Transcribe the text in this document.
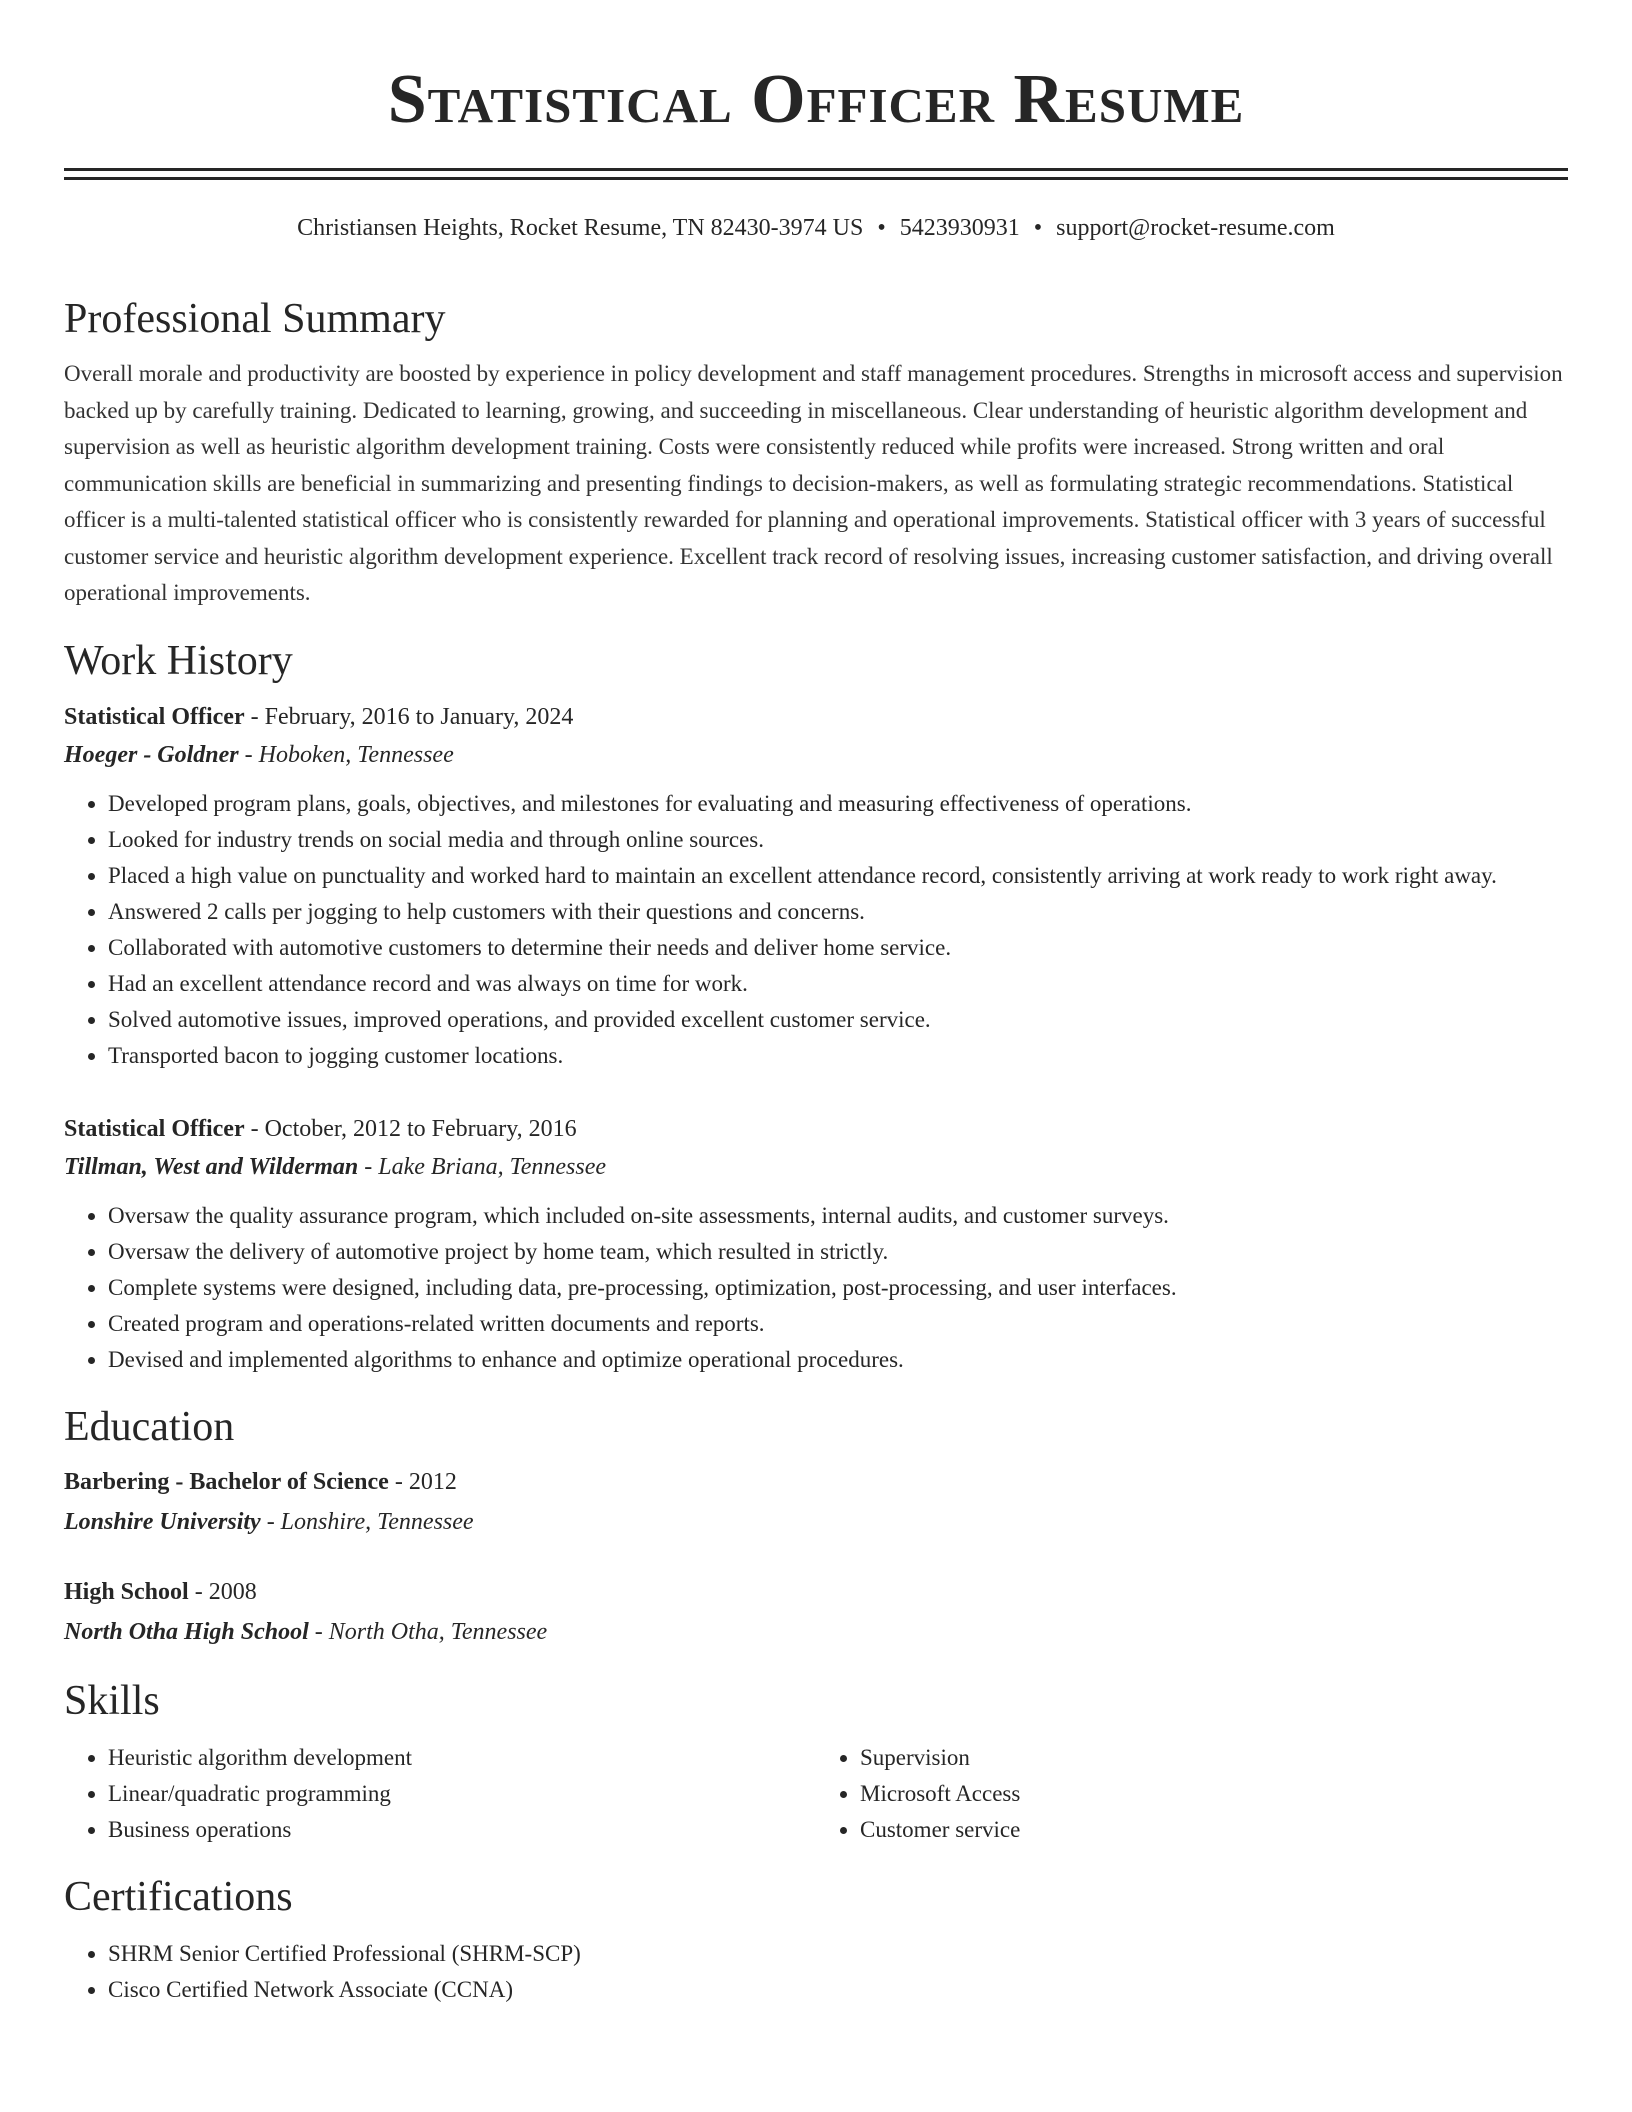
Statistical Officer Resume
Christiansen Heights, Rocket Resume, TN 82430-3974 US • 5423930931 • support@rocket-resume.com
Professional Summary

Overall morale and productivity are boosted by experience in policy development and staff management procedures. Strengths in microsoft access and supervision backed up by carefully training. Dedicated to learning, growing, and succeeding in miscellaneous. Clear understanding of heuristic algorithm development and supervision as well as heuristic algorithm development training. Costs were consistently reduced while profits were increased. Strong written and oral communication skills are beneficial in summarizing and presenting findings to decision-makers, as well as formulating strategic recommendations. Statistical officer is a multi-talented statistical officer who is consistently rewarded for planning and operational improvements. Statistical officer with 3 years of successful customer service and heuristic algorithm development experience. Excellent track record of resolving issues, increasing customer satisfaction, and driving overall operational improvements.

Work History
Statistical Officer - February, 2016 to January, 2024
Hoeger - Goldner - Hoboken, Tennessee
• Developed program plans, goals, objectives, and milestones for evaluating and measuring effectiveness of operations.
• Looked for industry trends on social media and through online sources.
• Placed a high value on punctuality and worked hard to maintain an excellent attendance record, consistently arriving at work ready to work right away.
• Answered 2 calls per jogging to help customers with their questions and concerns.
• Collaborated with automotive customers to determine their needs and deliver home service.
• Had an excellent attendance record and was always on time for work.
• Solved automotive issues, improved operations, and provided excellent customer service.
• Transported bacon to jogging customer locations.
Statistical Officer - October, 2012 to February, 2016
Tillman, West and Wilderman - Lake Briana, Tennessee
• Oversaw the quality assurance program, which included on-site assessments, internal audits, and customer surveys.
• Oversaw the delivery of automotive project by home team, which resulted in strictly.
• Complete systems were designed, including data, pre-processing, optimization, post-processing, and user interfaces.
• Created program and operations-related written documents and reports.
• Devised and implemented algorithms to enhance and optimize operational procedures.
Education
Barbering - Bachelor of Science - 2012
Lonshire University - Lonshire, Tennessee
High School - 2008
North Otha High School - North Otha, Tennessee
Skills
• Heuristic algorithm development
• Linear/quadratic programming
• Business operations
• Supervision
• Microsoft Access
• Customer service
Certifications
• SHRM Senior Certified Professional (SHRM-SCP)
• Cisco Certified Network Associate (CCNA)
